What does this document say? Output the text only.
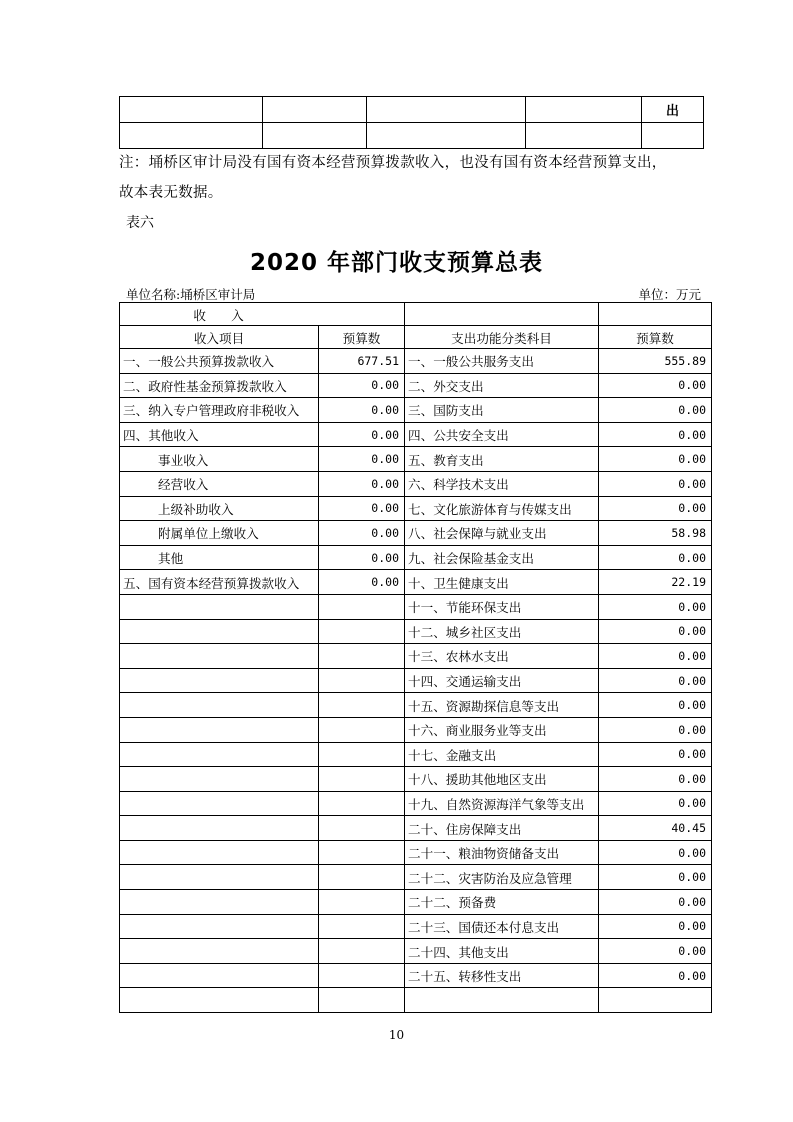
				出

注：埇桥区审计局没有国有资本经营预算拨款收入，也没有国有资本经营预算支出，
故本表无数据。
表六
2020 年部门收支预算总表
单位名称:埇桥区审计局	单位：万元
收　　入			
收入项目	预算数	支出功能分类科目	预算数
一、一般公共预算拨款收入	677.51	一、一般公共服务支出	555.89
二、政府性基金预算拨款收入	0.00	二、外交支出	0.00
三、纳入专户管理政府非税收入	0.00	三、国防支出	0.00
四、其他收入	0.00	四、公共安全支出	0.00
事业收入	0.00	五、教育支出	0.00
经营收入	0.00	六、科学技术支出	0.00
上级补助收入	0.00	七、文化旅游体育与传媒支出	0.00
附属单位上缴收入	0.00	八、社会保障与就业支出	58.98
其他	0.00	九、社会保险基金支出	0.00
五、国有资本经营预算拨款收入	0.00	十、卫生健康支出	22.19
		十一、节能环保支出	0.00
		十二、城乡社区支出	0.00
		十三、农林水支出	0.00
		十四、交通运输支出	0.00
		十五、资源勘探信息等支出	0.00
		十六、商业服务业等支出	0.00
		十七、金融支出	0.00
		十八、援助其他地区支出	0.00
		十九、自然资源海洋气象等支出	0.00
		二十、住房保障支出	40.45
		二十一、粮油物资储备支出	0.00
		二十二、灾害防治及应急管理	0.00
		二十二、预备费	0.00
		二十三、国债还本付息支出	0.00
		二十四、其他支出	0.00
		二十五、转移性支出	0.00

10
